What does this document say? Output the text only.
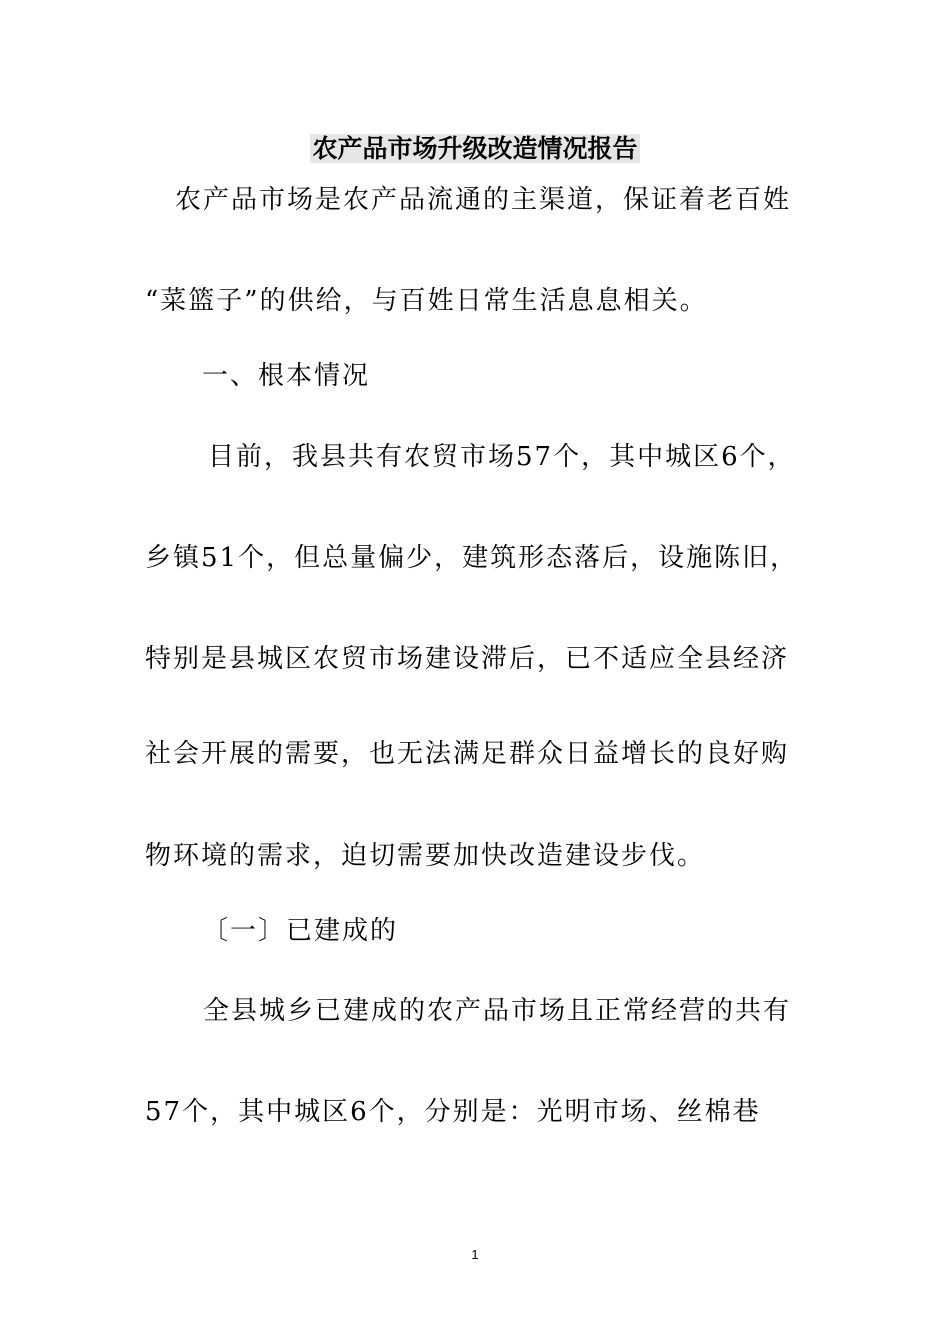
农产品市场升级改造情况报告
农产品市场是农产品流通的主渠道，保证着老百姓
“菜篮子”的供给，与百姓日常生活息息相关。
一、根本情况
目前，我县共有农贸市场57个，其中城区6个，
乡镇51个，但总量偏少，建筑形态落后，设施陈旧，
特别是县城区农贸市场建设滞后，已不适应全县经济
社会开展的需要，也无法满足群众日益增长的良好购
物环境的需求，迫切需要加快改造建设步伐。
〔一〕已建成的
全县城乡已建成的农产品市场且正常经营的共有
57个，其中城区6个，分别是：光明市场、丝棉巷
1
